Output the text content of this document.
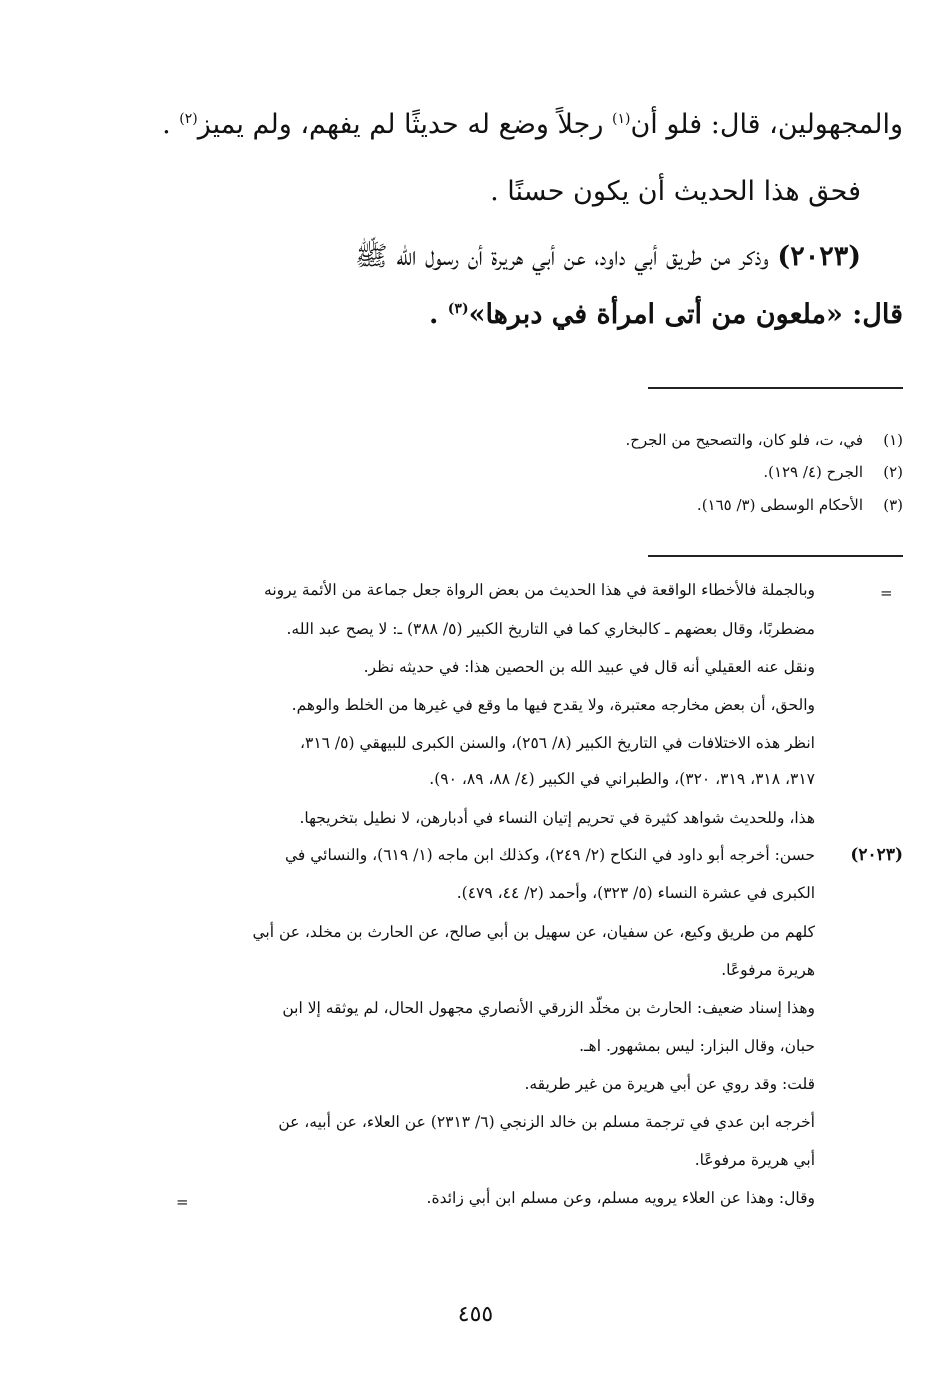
والمجهولين، قال: فلو أن$^{(١)}$ رجلاً وضع له حديثًا لم يفهم، ولم يميز$^{(٢)}$ .
فحق هذا الحديث أن يكون حسنًا .
(٢٠٢٣) وذكر من طريق أبي داود، عن أبي هريرة أن رسول الله ﷺ
قال: «ملعون من أتى امرأة في دبرها»$^{(٣)}$ .
(١)في، ت، فلو كان، والتصحيح من الجرح.
(٢)الجرح (٤/ ١٢٩).
(٣)الأحكام الوسطى (٣/ ١٦٥).
=
=
(٢٠٢٣)
وبالجملة فالأخطاء الواقعة في هذا الحديث من بعض الرواة جعل جماعة من الأئمة يرونه
مضطربًا، وقال بعضهم ـ كالبخاري كما في التاريخ الكبير (٥/ ٣٨٨) ـ: لا يصح عبد الله.
ونقل عنه العقيلي أنه قال في عبيد الله بن الحصين هذا: في حديثه نظر.
والحق، أن بعض مخارجه معتبرة، ولا يقدح فيها ما وقع في غيرها من الخلط والوهم.
انظر هذه الاختلافات في التاريخ الكبير (٨/ ٢٥٦)، والسنن الكبرى للبيهقي (٥/ ٣١٦،
٣١٧، ٣١٨، ٣١٩، ٣٢٠)، والطبراني في الكبير (٤/ ٨٨، ٨٩، ٩٠).
هذا، وللحديث شواهد كثيرة في تحريم إتيان النساء في أدبارهن، لا نطيل بتخريجها.
حسن: أخرجه أبو داود في النكاح (٢/ ٢٤٩)، وكذلك ابن ماجه (١/ ٦١٩)، والنسائي في
الكبرى في عشرة النساء (٥/ ٣٢٣)، وأحمد (٢/ ٤٤، ٤٧٩).
كلهم من طريق وكيع، عن سفيان، عن سهيل بن أبي صالح، عن الحارث بن مخلد، عن أبي
هريرة مرفوعًا.
وهذا إسناد ضعيف: الحارث بن مخلَّد الزرقي الأنصاري مجهول الحال، لم يوثقه إلا ابن
حبان، وقال البزار: ليس بمشهور. اهـ.
قلت: وقد روي عن أبي هريرة من غير طريقه.
أخرجه ابن عدي في ترجمة مسلم بن خالد الزنجي (٦/ ٢٣١٣) عن العلاء، عن أبيه، عن
أبي هريرة مرفوعًا.
وقال: وهذا عن العلاء يرويه مسلم، وعن مسلم ابن أبي زائدة.
٤٥٥
